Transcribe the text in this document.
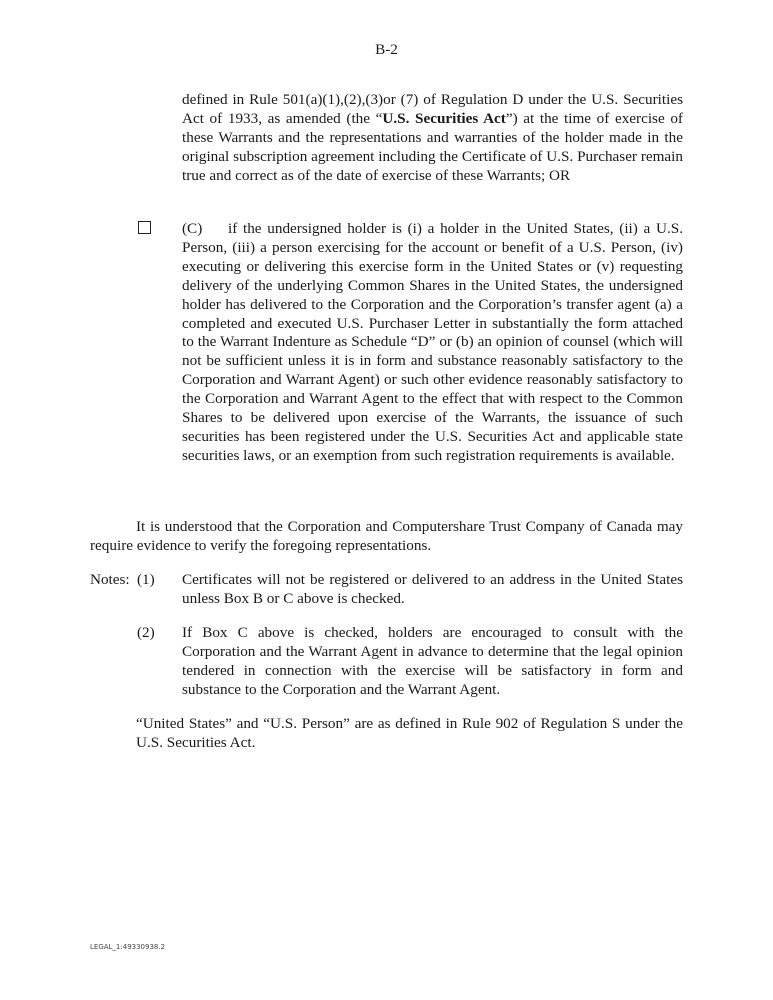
B-2
defined in Rule 501(a)(1),(2),(3)or (7) of Regulation D under the U.S. Securities Act of 1933, as amended (the “U.S. Securities Act”) at the time of exercise of these Warrants and the representations and warranties of the holder made in the original subscription agreement including the Certificate of U.S. Purchaser remain true and correct as of the date of exercise of these Warrants; OR
(C) if the undersigned holder is (i) a holder in the United States, (ii) a U.S. Person, (iii) a person exercising for the account or benefit of a U.S. Person, (iv) executing or delivering this exercise form in the United States or (v) requesting delivery of the underlying Common Shares in the United States, the undersigned holder has delivered to the Corporation and the Corporation’s transfer agent (a) a completed and executed U.S. Purchaser Letter in substantially the form attached to the Warrant Indenture as Schedule “D” or (b) an opinion of counsel (which will not be sufficient unless it is in form and substance reasonably satisfactory to the Corporation and Warrant Agent) or such other evidence reasonably satisfactory to the Corporation and Warrant Agent to the effect that with respect to the Common Shares to be delivered upon exercise of the Warrants, the issuance of such securities has been registered under the U.S. Securities Act and applicable state securities laws, or an exemption from such registration requirements is available.
It is understood that the Corporation and Computershare Trust Company of Canada may require evidence to verify the foregoing representations.
Notes: (1) Certificates will not be registered or delivered to an address in the United States unless Box B or C above is checked.
(2) If Box C above is checked, holders are encouraged to consult with the Corporation and the Warrant Agent in advance to determine that the legal opinion tendered in connection with the exercise will be satisfactory in form and substance to the Corporation and the Warrant Agent.
“United States” and “U.S. Person” are as defined in Rule 902 of Regulation S under the U.S. Securities Act.
LEGAL_1:49330938.2
